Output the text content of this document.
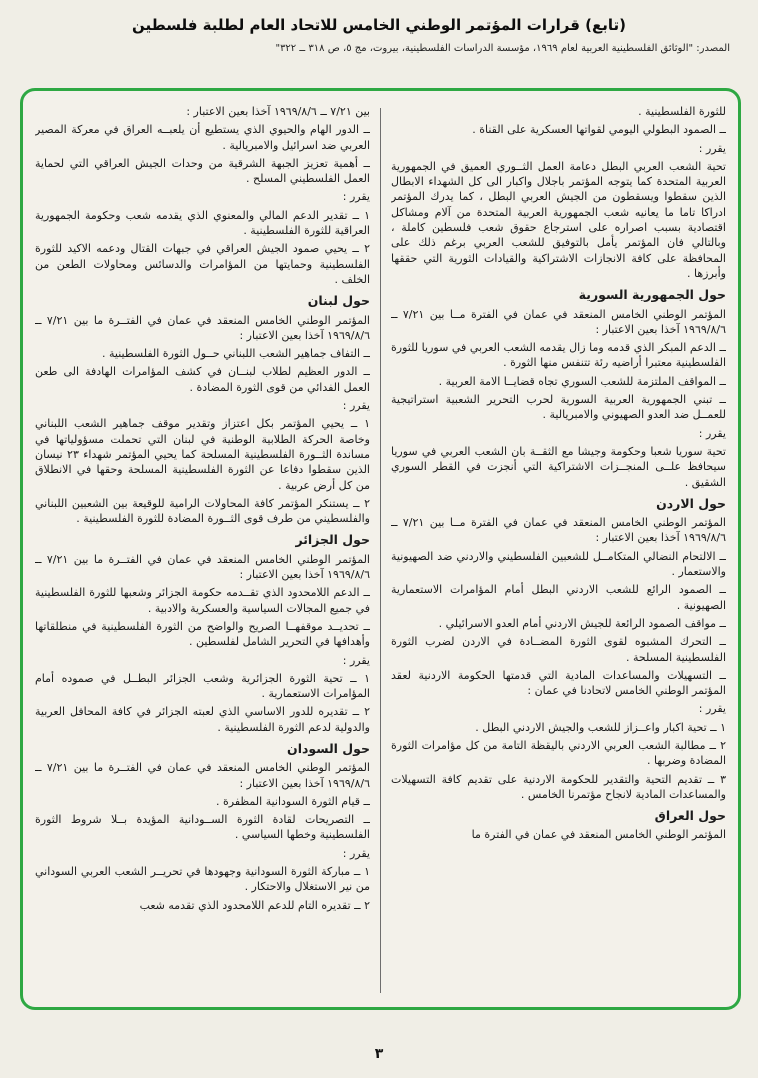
(تابع) قرارات المؤتمر الوطني الخامس للاتحاد العام لطلبة فلسطين
المصدر: "الوثائق الفلسطينية العربية لعام ١٩٦٩، مؤسسة الدراسات الفلسطينية، بيروت، مج ٥، ص ٣١٨ ــ ٣٢٢"
للثورة الفلسطينية .
ــ الصمود البطولي اليومي لقواتها العسكرية على القناة .
يقرر :
تحية الشعب العربي البطل دعامة العمل الثــوري العميق في الجمهورية العربية المتحدة كما يتوجه المؤتمر باجلال واكبار الى كل الشهداء الابطال الذين سقطوا ويسقطون من الجيش العربي البطل ، كما يدرك المؤتمر ادراكا تاما ما يعانيه شعب الجمهورية العربية المتحدة من آلام ومشاكل اقتصادية بسبب اصراره على استرجاع حقوق شعب فلسطين كاملة ، وبالتالي فان المؤتمر يأمل بالتوفيق للشعب العربي برغم ذلك على المحافظة على كافة الانجازات الاشتراكية والقيادات الثورية التي حققها وأبرزها .
حول الجمهورية السورية
المؤتمر الوطني الخامس المنعقد في عمان في الفترة مــا بين ٧/٢١ ــ ١٩٦٩/٨/٦ آخذا بعين الاعتبار :
ــ الدعم المبكر الذي قدمه وما زال يقدمه الشعب العربي في سوريا للثورة الفلسطينية معتبرا أراضيه رئة تتنفس منها الثورة .
ــ المواقف الملتزمة للشعب السوري تجاه قضايــا الامة العربية .
ــ تبني الجمهورية العربية السورية لحرب التحرير الشعبية استراتيجية للعمــل ضد العدو الصهيوني والامبريالية .
يقرر :
تحية سوريا شعبا وحكومة وجيشا مع الثقــة بان الشعب العربي في سوريا سيحافظ علــى المنجــزات الاشتراكية التي أنجزت في القطر السوري الشقيق .
حول الاردن
المؤتمر الوطني الخامس المنعقد في عمان في الفترة مــا بين ٧/٢١ ــ ١٩٦٩/٨/٦ آخذا بعين الاعتبار :
ــ الالتحام النضالي المتكامــل للشعبين الفلسطيني والاردني ضد الصهيونية والاستعمار .
ــ الصمود الرائع للشعب الاردني البطل أمام المؤامرات الاستعمارية الصهيونية .
ــ مواقف الصمود الرائعة للجيش الاردني أمام العدو الاسرائيلي .
ــ التحرك المشبوه لقوى الثورة المضــادة في الاردن لضرب الثورة الفلسطينية المسلحة .
ــ التسهيلات والمساعدات المادية التي قدمتها الحكومة الاردنية لعقد المؤتمر الوطني الخامس لاتحادنا في عمان :
يقرر :
١ ــ تحية اكبار واعــزاز للشعب والجيش الاردني البطل .
٢ ــ مطالبة الشعب العربي الاردني باليقظة التامة من كل مؤامرات الثورة المضادة وضربها .
٣ ــ تقديم التحية والتقدير للحكومة الاردنية على تقديم كافة التسهيلات والمساعدات المادية لانجاح مؤتمرنا الخامس .
حول العراق
المؤتمر الوطني الخامس المنعقد في عمان في الفترة ما
بين ٧/٢١ ــ ١٩٦٩/٨/٦ آخذا بعين الاعتبار :
ــ الدور الهام والحيوي الذي يستطيع أن يلعبــه العراق في معركة المصير العربي ضد اسرائيل والامبريالية .
ــ أهمية تعزيز الجبهة الشرقية من وحدات الجيش العراقي التي لحماية العمل الفلسطيني المسلح .
يقرر :
١ ــ تقدير الدعم المالي والمعنوي الذي يقدمه شعب وحكومة الجمهورية العراقية للثورة الفلسطينية .
٢ ــ يحيي صمود الجيش العراقي في جبهات القتال ودعمه الاكيد للثورة الفلسطينية وحمايتها من المؤامرات والدسائس ومحاولات الطعن من الخلف .
حول لبنان
المؤتمر الوطني الخامس المنعقد في عمان في الفتــرة ما بين ٧/٢١ ــ ١٩٦٩/٨/٦ آخذا بعين الاعتبار :
ــ التفاف جماهير الشعب اللبناني حــول الثورة الفلسطينية .
ــ الدور العظيم لطلاب لبنــان في كشف المؤامرات الهادفة الى طعن العمل الفدائي من قوى الثورة المضادة .
يقرر :
١ ــ يحيي المؤتمر بكل اعتزاز وتقدير موقف جماهير الشعب اللبناني وخاصة الحركة الطلابية الوطنية في لبنان التي تحملت مسؤولياتها في مساندة الثــورة الفلسطينية المسلحة كما يحيي المؤتمر شهداء ٢٣ نيسان الذين سقطوا دفاعا عن الثورة الفلسطينية المسلحة وحقها في الانطلاق من كل أرض عربية .
٢ ــ يستنكر المؤتمر كافة المحاولات الرامية للوقيعة بين الشعبين اللبناني والفلسطيني من طرف قوى الثــورة المضادة للثورة الفلسطينية .
حول الجزائر
المؤتمر الوطني الخامس المنعقد في عمان في الفتــرة ما بين ٧/٢١ ــ ١٩٦٩/٨/٦ آخذا بعين الاعتبار :
ــ الدعم اللامحدود الذي تقــدمه حكومة الجزائر وشعبها للثورة الفلسطينية في جميع المجالات السياسية والعسكرية والادبية .
ــ تحديــد موقفهــا الصريح والواضح من الثورة الفلسطينية في منطلقاتها وأهدافها في التحرير الشامل لفلسطين .
يقرر :
١ ــ تحية الثورة الجزائرية وشعب الجزائر البطــل في صموده أمام المؤامرات الاستعمارية .
٢ ــ تقديره للدور الاساسي الذي لعبته الجزائر في كافة المحافل العربية والدولية لدعم الثورة الفلسطينية .
حول السودان
المؤتمر الوطني الخامس المنعقد في عمان في الفتــرة ما بين ٧/٢١ ــ ١٩٦٩/٨/٦ آخذا بعين الاعتبار :
ــ قيام الثورة السودانية المظفرة .
ــ التصريحات لقادة الثورة الســودانية المؤيدة بــلا شروط الثورة الفلسطينية وخطها السياسي .
يقرر :
١ ــ مباركة الثورة السودانية وجهودها في تحريــر الشعب العربي السوداني من نير الاستغلال والاحتكار .
٢ ــ تقديره التام للدعم اللامحدود الذي تقدمه شعب
٣
